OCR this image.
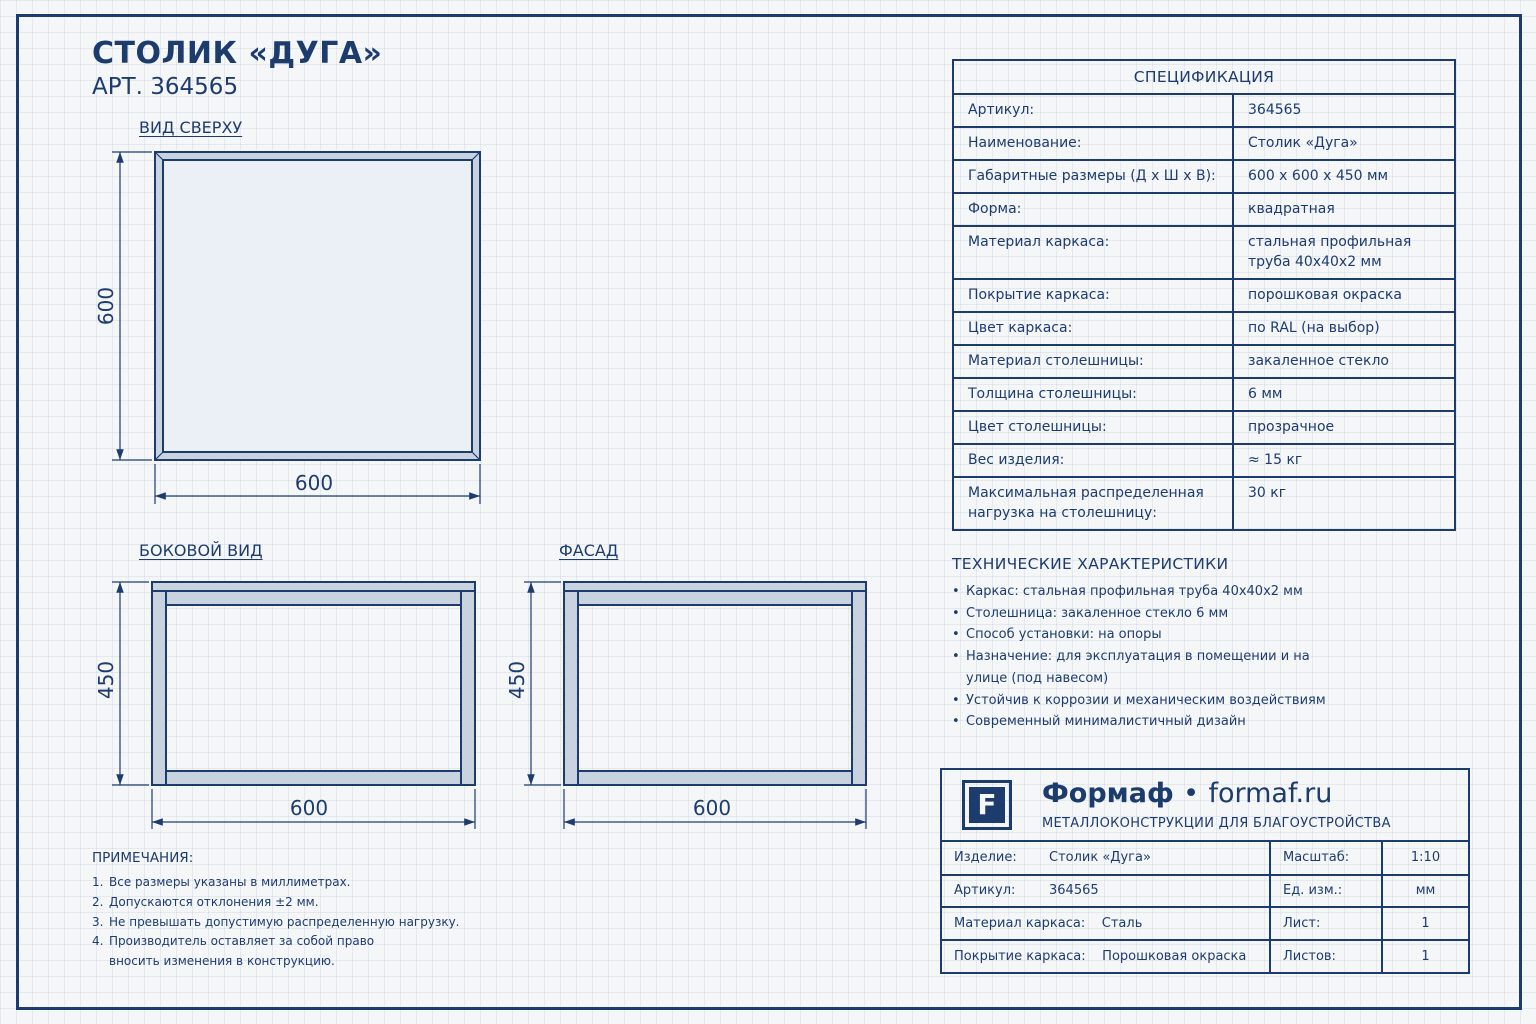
СТОЛИК «ДУГА»
АРТ. 364565
ВИД СВЕРХУ
БОКОВОЙ ВИД	ФАСАД
600
600
450
600
450
600
СПЕЦИФИКАЦИЯ	
Артикул:	364565
Наименование:	Столик «Дуга»
Габаритные размеры (Д х Ш х В):	600 х 600 х 450 мм
Форма:	квадратная
Материал каркаса:	стальная профильная труба 40х40х2 мм
Покрытие каркаса:	порошковая окраска
Цвет каркаса:	по RAL (на выбор)
Материал столешницы:	закаленное стекло
Толщина столешницы:	6 мм
Цвет столешницы:	прозрачное
Вес изделия:	≈ 15 кг
Максимальная распределенная нагрузка на столешницу:	30 кг
ТЕХНИЧЕСКИЕ ХАРАКТЕРИСТИКИ
• Каркас: стальная профильная труба 40х40х2 мм
• Столешница: закаленное стекло 6 мм
• Способ установки: на опоры
• Назначение: для эксплуатация в помещении и на улице (под навесом)
• Устойчив к коррозии и механическим воздействиям
• Современный минималистичный дизайн
ПРИМЕЧАНИЯ:
1. Все размеры указаны в миллиметрах.
2. Допускаются отклонения ±2 мм.
3. Не превышать допустимую распределенную нагрузку.
4. Производитель оставляет за собой право вносить изменения в конструкцию.
F	Формаф • formaf.ru
МЕТАЛЛОКОНСТРУКЦИИ ДЛЯ БЛАГОУСТРОЙСТВА
Изделие:	Столик «Дуга»	Масштаб:	1:10
Артикул:	364565	Ед. изм.:	мм
Материал каркаса: Сталь		Лист:	1
Покрытие каркаса: Порошковая окраска		Листов:	1
